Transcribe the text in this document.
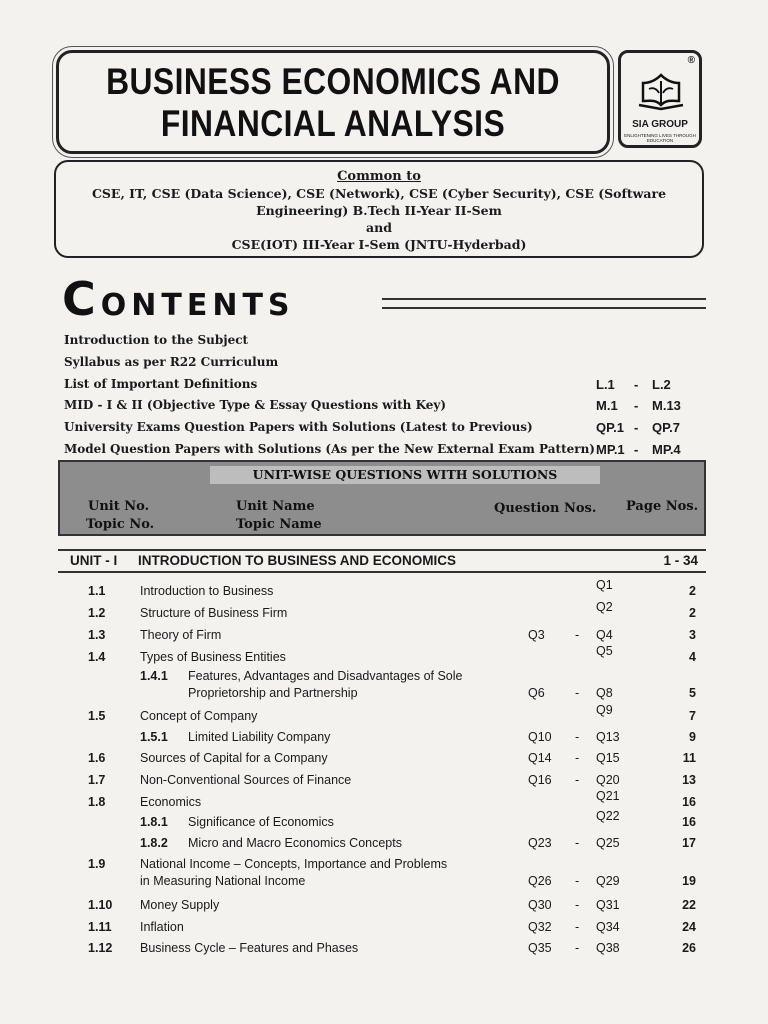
BUSINESS ECONOMICS AND
FINANCIAL ANALYSIS
®
SIA GROUP
ENLIGHTENING LIVES THROUGH EDUCATION
Common to
CSE, IT, CSE (Data Science), CSE (Network), CSE (Cyber Security), CSE (Software
Engineering) B.Tech II-Year II-Sem
and
CSE(IOT) III-Year I-Sem (JNTU-Hyderbad)
CONTENTS
Introduction to the Subject
Syllabus as per R22 Curriculum
List of Important Definitions	L.1 - L.2
MID - I & II (Objective Type & Essay Questions with Key)	M.1 - M.13
University Exams Question Papers with Solutions (Latest to Previous)	QP.1 - QP.7
Model Question Papers with Solutions (As per the New External Exam Pattern) MP.1 - MP.4
UNIT-WISE QUESTIONS WITH SOLUTIONS
Unit No.
Topic No.
Unit Name
Topic Name
Question Nos. Page Nos.
UNIT - I INTRODUCTION TO BUSINESS AND ECONOMICS	1 - 34
1.1	Introduction to Business	Q1	2
1.2	Structure of Business Firm	Q2	2
1.3	Theory of Firm	Q3 - Q4	3
1.4	Types of Business Entities	Q5	4
1.4.1 Features, Advantages and Disadvantages of Sole
Proprietorship and Partnership	Q6 - Q8	5
1.5	Concept of Company	Q9	7
1.5.1 Limited Liability Company	Q10 - Q13	9
1.6	Sources of Capital for a Company	Q14 - Q15	11
1.7	Non-Conventional Sources of Finance	Q16 - Q20	13
1.8	Economics	Q21	16
1.8.1 Significance of Economics	Q22	16
1.8.2 Micro and Macro Economics Concepts	Q23 - Q25	17
1.9	National Income – Concepts, Importance and Problems
in Measuring National Income	Q26 - Q29	19
1.10 Money Supply	Q30 - Q31	22
1.11 Inflation	Q32 - Q34	24
1.12 Business Cycle – Features and Phases	Q35 - Q38	26
